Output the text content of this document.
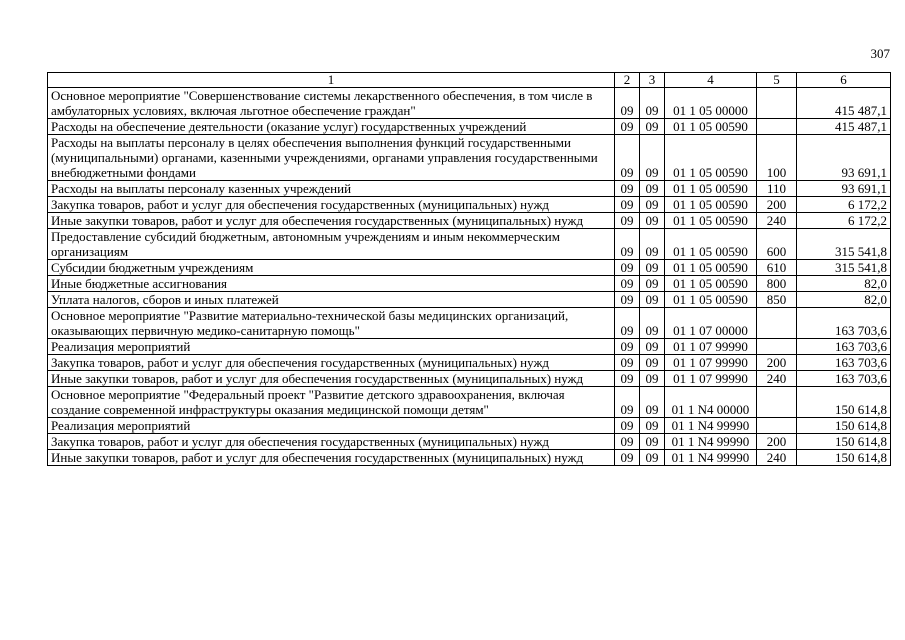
307
1	2	3	4	5	6
Основное мероприятие "Совершенствование системы лекарственного обеспечения, в том числе в амбулаторных условиях, включая льготное обеспечение граждан"	09	09	01 1 05 00000		415 487,1
Расходы на обеспечение деятельности (оказание услуг) государственных учреждений	09	09	01 1 05 00590		415 487,1
Расходы на выплаты персоналу в целях обеспечения выполнения функций государственными (муниципальными) органами, казенными учреждениями, органами управления государственными внебюджетными фондами	09	09	01 1 05 00590	100	93 691,1
Расходы на выплаты персоналу казенных учреждений	09	09	01 1 05 00590	110	93 691,1
Закупка товаров, работ и услуг для обеспечения государственных (муниципальных) нужд	09	09	01 1 05 00590	200	6 172,2
Иные закупки товаров, работ и услуг для обеспечения государственных (муниципальных) нужд	09	09	01 1 05 00590	240	6 172,2
Предоставление субсидий бюджетным, автономным учреждениям и иным некоммерческим организациям	09	09	01 1 05 00590	600	315 541,8
Субсидии бюджетным учреждениям	09	09	01 1 05 00590	610	315 541,8
Иные бюджетные ассигнования	09	09	01 1 05 00590	800	82,0
Уплата налогов, сборов и иных платежей	09	09	01 1 05 00590	850	82,0
Основное мероприятие "Развитие материально-технической базы медицинских организаций, оказывающих первичную медико-санитарную помощь"	09	09	01 1 07 00000		163 703,6
Реализация мероприятий	09	09	01 1 07 99990		163 703,6
Закупка товаров, работ и услуг для обеспечения государственных (муниципальных) нужд	09	09	01 1 07 99990	200	163 703,6
Иные закупки товаров, работ и услуг для обеспечения государственных (муниципальных) нужд	09	09	01 1 07 99990	240	163 703,6
Основное мероприятие "Федеральный проект "Развитие детского здравоохранения, включая создание современной инфраструктуры оказания медицинской помощи детям"	09	09	01 1 N4 00000		150 614,8
Реализация мероприятий	09	09	01 1 N4 99990		150 614,8
Закупка товаров, работ и услуг для обеспечения государственных (муниципальных) нужд	09	09	01 1 N4 99990	200	150 614,8
Иные закупки товаров, работ и услуг для обеспечения государственных (муниципальных) нужд	09	09	01 1 N4 99990	240	150 614,8
